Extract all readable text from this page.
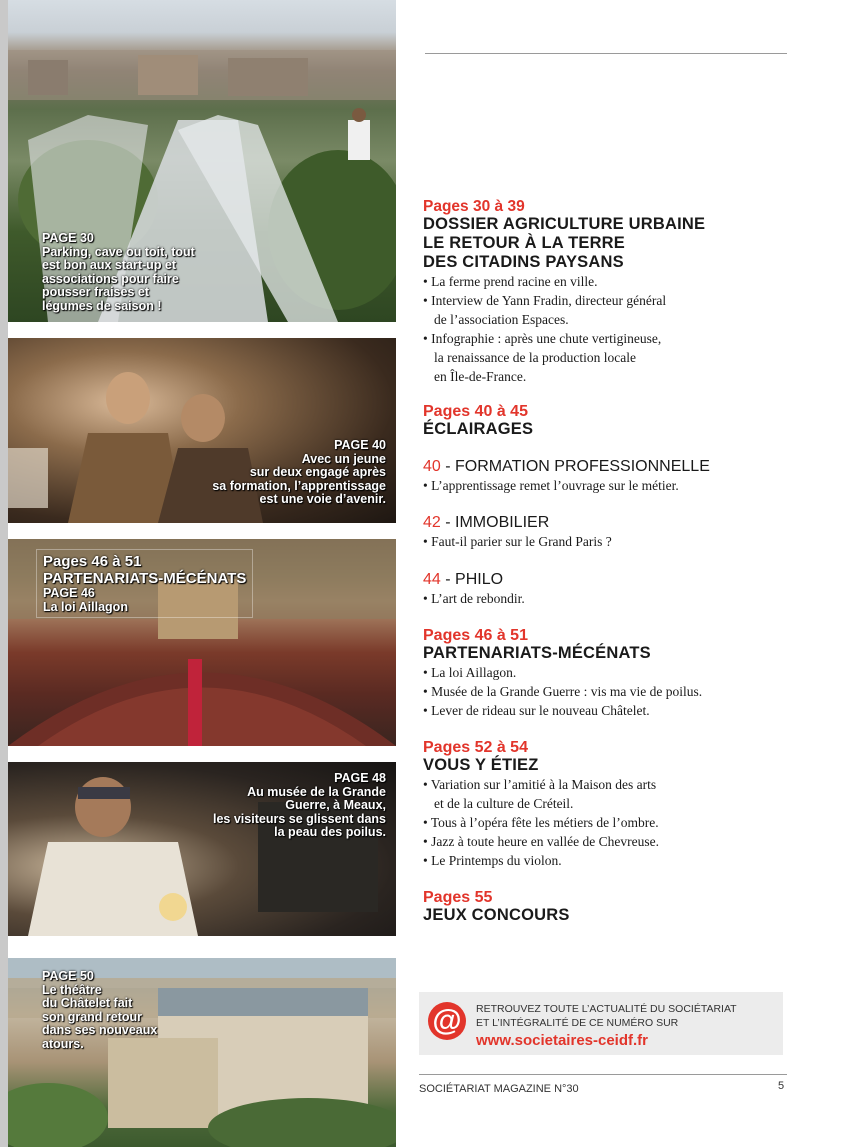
PAGE 30
Parking, cave ou toit, tout
est bon aux start-up et
associations pour faire
pousser fraises et
légumes de saison !
PAGE 40
Avec un jeune
sur deux engagé après
sa formation, l’apprentissage
est une voie d’avenir.
Pages 46 à 51
PARTENARIATS-MÉCÉNATS
PAGE 46
La loi Aillagon
PAGE 48
Au musée de la Grande
Guerre, à Meaux,
les visiteurs se glissent dans
la peau des poilus.
PAGE 50
Le théâtre
du Châtelet fait
son grand retour
dans ses nouveaux
atours.
Pages 30 à 39
DOSSIER AGRICULTURE URBAINE
LE RETOUR À LA TERRE
DES CITADINS PAYSANS
• La ferme prend racine en ville.
• Interview de Yann Fradin, directeur général
de l’association Espaces.
• Infographie : après une chute vertigineuse,
la renaissance de la production locale
en Île-de-France.
Pages 40 à 45
ÉCLAIRAGES
40 - FORMATION PROFESSIONNELLE
• L’apprentissage remet l’ouvrage sur le métier.
42 - IMMOBILIER
• Faut-il parier sur le Grand Paris ?
44 - PHILO
• L’art de rebondir.
Pages 46 à 51
PARTENARIATS-MÉCÉNATS
• La loi Aillagon.
• Musée de la Grande Guerre : vis ma vie de poilus.
• Lever de rideau sur le nouveau Châtelet.
Pages 52 à 54
VOUS Y ÉTIEZ
• Variation sur l’amitié à la Maison des arts
et de la culture de Créteil.
• Tous à l’opéra fête les métiers de l’ombre.
• Jazz à toute heure en vallée de Chevreuse.
• Le Printemps du violon.
Pages 55
JEUX CONCOURS
@	RETROUVEZ TOUTE L’ACTUALITÉ DU SOCIÉTARIAT
ET L’INTÉGRALITÉ DE CE NUMÉRO SUR
www.societaires-ceidf.fr
SOCIÉTARIAT MAGAZINE N°30	5
